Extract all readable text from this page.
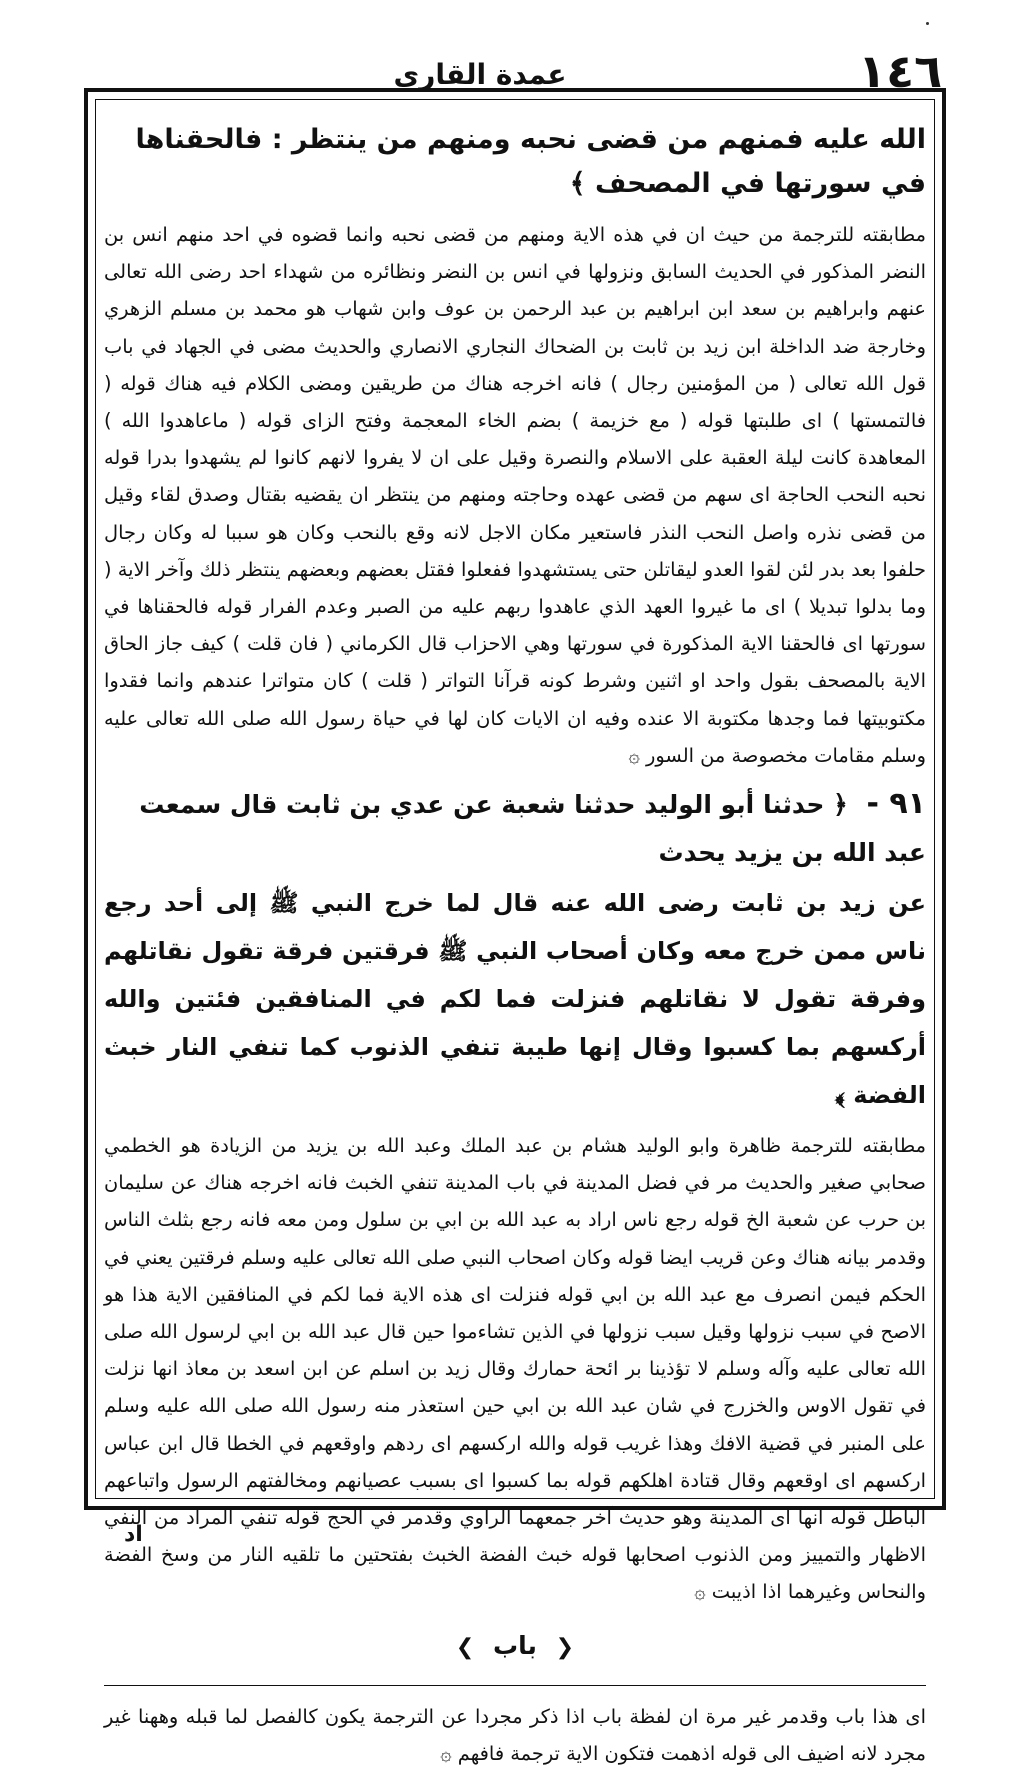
١٤٦
عمدة القاري

الله عليه فمنهم من قضى نحبه ومنهم من ينتظر : فالحقناها في سورتها في المصحف ﴾

مطابقته للترجمة من حيث ان في هذه الاية ومنهم من قضى نحبه وانما قضوه في احد منهم انس بن النضر المذكور في الحديث السابق ونزولها في انس بن النضر ونظائره من شهداء احد رضى الله تعالى عنهم وابراهيم بن سعد ابن ابراهيم بن عبد الرحمن بن عوف وابن شهاب هو محمد بن مسلم الزهري وخارجة ضد الداخلة ابن زيد بن ثابت بن الضحاك النجاري الانصاري والحديث مضى في الجهاد في باب قول الله تعالى ( من المؤمنين رجال ) فانه اخرجه هناك من طريقين ومضى الكلام فيه هناك قوله ( فالتمستها ) اى طلبتها قوله ( مع خزيمة ) بضم الخاء المعجمة وفتح الزاى قوله ( ماعاهدوا الله ) المعاهدة كانت ليلة العقبة على الاسلام والنصرة وقيل على ان لا يفروا لانهم كانوا لم يشهدوا بدرا قوله نحبه النحب الحاجة اى سهم من قضى عهده وحاجته ومنهم من ينتظر ان يقضيه بقتال وصدق لقاء وقيل من قضى نذره واصل النحب النذر فاستعير مكان الاجل لانه وقع بالنحب وكان هو سببا له وكان رجال حلفوا بعد بدر لئن لقوا العدو ليقاتلن حتى يستشهدوا ففعلوا فقتل بعضهم وبعضهم ينتظر ذلك وآخر الاية ( وما بدلوا تبديلا ) اى ما غيروا العهد الذي عاهدوا ربهم عليه من الصبر وعدم الفرار قوله فالحقناها في سورتها اى فالحقنا الاية المذكورة في سورتها وهي الاحزاب قال الكرماني ( فان قلت ) كيف جاز الحاق الاية بالمصحف بقول واحد او اثنين وشرط كونه قرآنا التواتر ( قلت ) كان متواترا عندهم وانما فقدوا مكتوبيتها فما وجدها مكتوبة الا عنده وفيه ان الايات كان لها في حياة رسول الله صلى الله تعالى عليه وسلم مقامات مخصوصة من السور ۞

٩١ - ﴿ حدثنا أبو الوليد حدثنا شعبة عن عدي بن ثابت قال سمعت عبد الله بن يزيد يحدث

عن زيد بن ثابت رضى الله عنه قال لما خرج النبي ﷺ إلى أحد رجع ناس ممن خرج معه وكان أصحاب النبي ﷺ فرقتين فرقة تقول نقاتلهم وفرقة تقول لا نقاتلهم فنزلت فما لكم في المنافقين فئتين والله أركسهم بما كسبوا وقال إنها طيبة تنفي الذنوب كما تنفي النار خبث الفضة ﴾

مطابقته للترجمة ظاهرة وابو الوليد هشام بن عبد الملك وعبد الله بن يزيد من الزيادة هو الخطمي صحابي صغير والحديث مر في فضل المدينة في باب المدينة تنفي الخبث فانه اخرجه هناك عن سليمان بن حرب عن شعبة الخ قوله رجع ناس اراد به عبد الله بن ابي بن سلول ومن معه فانه رجع بثلث الناس وقدمر بيانه هناك وعن قريب ايضا قوله وكان اصحاب النبي صلى الله تعالى عليه وسلم فرقتين يعني في الحكم فيمن انصرف مع عبد الله بن ابي قوله فنزلت اى هذه الاية فما لكم في المنافقين الاية هذا هو الاصح في سبب نزولها وقيل سبب نزولها في الذين تشاءموا حين قال عبد الله بن ابي لرسول الله صلى الله تعالى عليه وآله وسلم لا تؤذينا بر ائحة حمارك وقال زيد بن اسلم عن ابن اسعد بن معاذ انها نزلت في تقول الاوس والخزرج في شان عبد الله بن ابي حين استعذر منه رسول الله صلى الله عليه وسلم على المنبر في قضية الافك وهذا غريب قوله والله اركسهم اى ردهم واوقعهم في الخطا قال ابن عباس اركسهم اى اوقعهم وقال قتادة اهلكهم قوله بما كسبوا اى بسبب عصيانهم ومخالفتهم الرسول واتباعهم الباطل قوله انها اى المدينة وهو حديث آخر جمعهما الراوي وقدمر في الحج قوله تنفي المراد من النفي الاظهار والتمييز ومن الذنوب اصحابها قوله خبث الفضة الخبث بفتحتين ما تلقيه النار من وسخ الفضة والنحاس وغيرهما اذا اذيبت ۞

❮ باب ❯

اى هذا باب وقدمر غير مرة ان لفظة باب اذا ذكر مجردا عن الترجمة يكون كالفصل لما قبله وههنا غير مجرد لانه اضيف الى قوله اذهمت فتكون الاية ترجمة فافهم ۞

اد
